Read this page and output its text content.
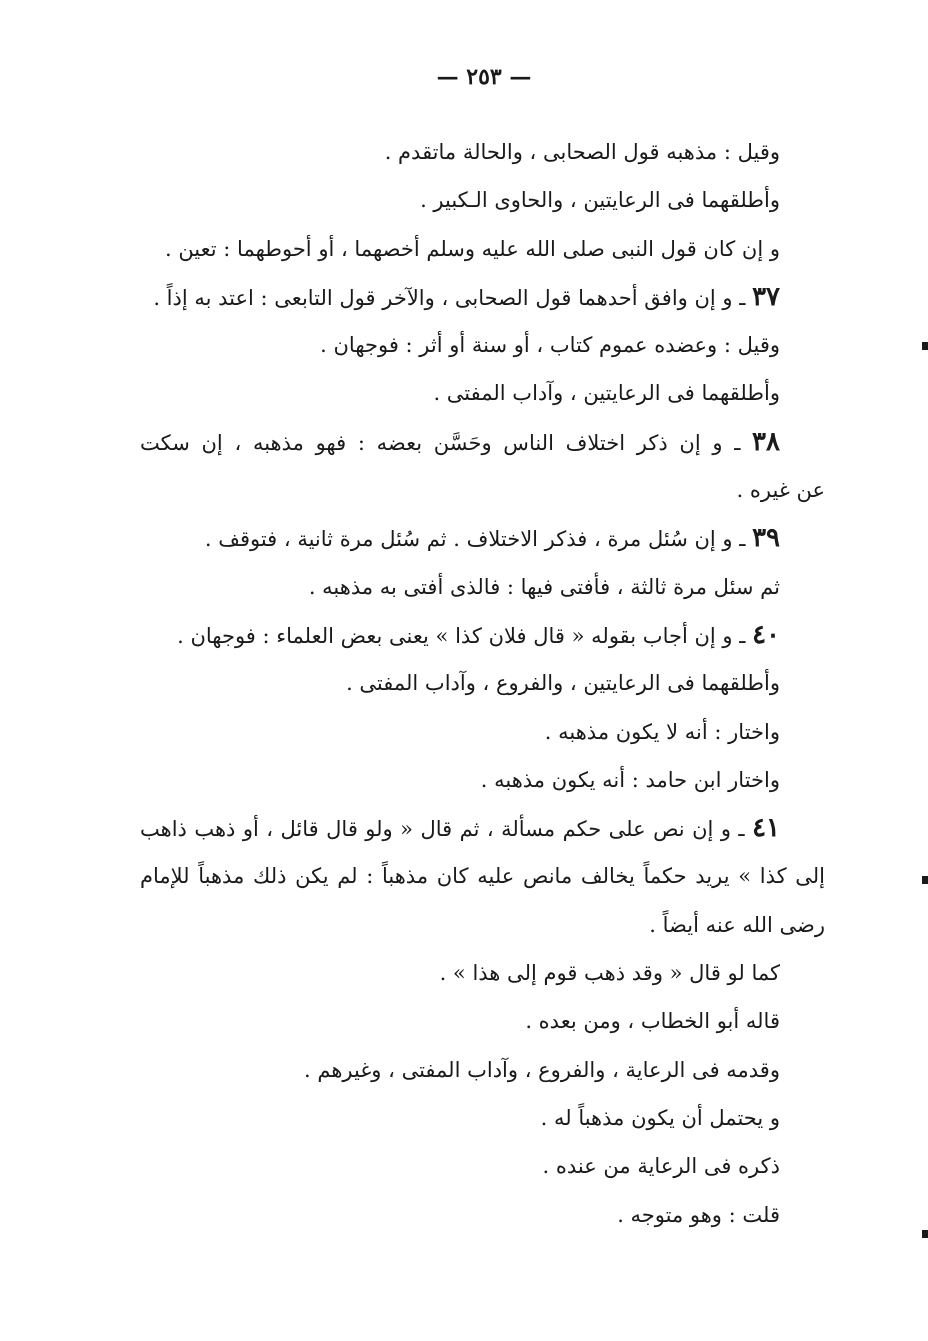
— ٢٥٣ —
وقيل : مذهبه قول الصحابى ، والحالة ماتقدم .
وأطلقهما فى الرعايتين ، والحاوى الـكبير .
و إن كان قول النبى صلى الله عليه وسلم أخصهما ، أو أحوطهما : تعين .
٣٧ ـ و إن وافق أحدهما قول الصحابى ، والآخر قول التابعى : اعتد به إذاً .
وقيل : وعضده عموم كتاب ، أو سنة أو أثر : فوجهان .
وأطلقهما فى الرعايتين ، وآداب المفتى .
٣٨ ـ و إن ذكر اختلاف الناس وحَسَّن بعضه : فهو مذهبه ، إن سكت
عن غيره .
٣٩ ـ و إن سُئل مرة ، فذكر الاختلاف . ثم سُئل مرة ثانية ، فتوقف .
ثم سئل مرة ثالثة ، فأفتى فيها : فالذى أفتى به مذهبه .
٤٠ ـ و إن أجاب بقوله « قال فلان كذا » يعنى بعض العلماء : فوجهان .
وأطلقهما فى الرعايتين ، والفروع ، وآداب المفتى .
واختار : أنه لا يكون مذهبه .
واختار ابن حامد : أنه يكون مذهبه .
٤١ ـ و إن نص على حكم مسألة ، ثم قال « ولو قال قائل ، أو ذهب ذاهب
إلى كذا » يريد حكماً يخالف مانص عليه كان مذهباً : لم يكن ذلك مذهباً للإمام
رضى الله عنه أيضاً .
كما لو قال « وقد ذهب قوم إلى هذا » .
قاله أبو الخطاب ، ومن بعده .
وقدمه فى الرعاية ، والفروع ، وآداب المفتى ، وغيرهم .
و يحتمل أن يكون مذهباً له .
ذكره فى الرعاية من عنده .
قلت : وهو متوجه .
